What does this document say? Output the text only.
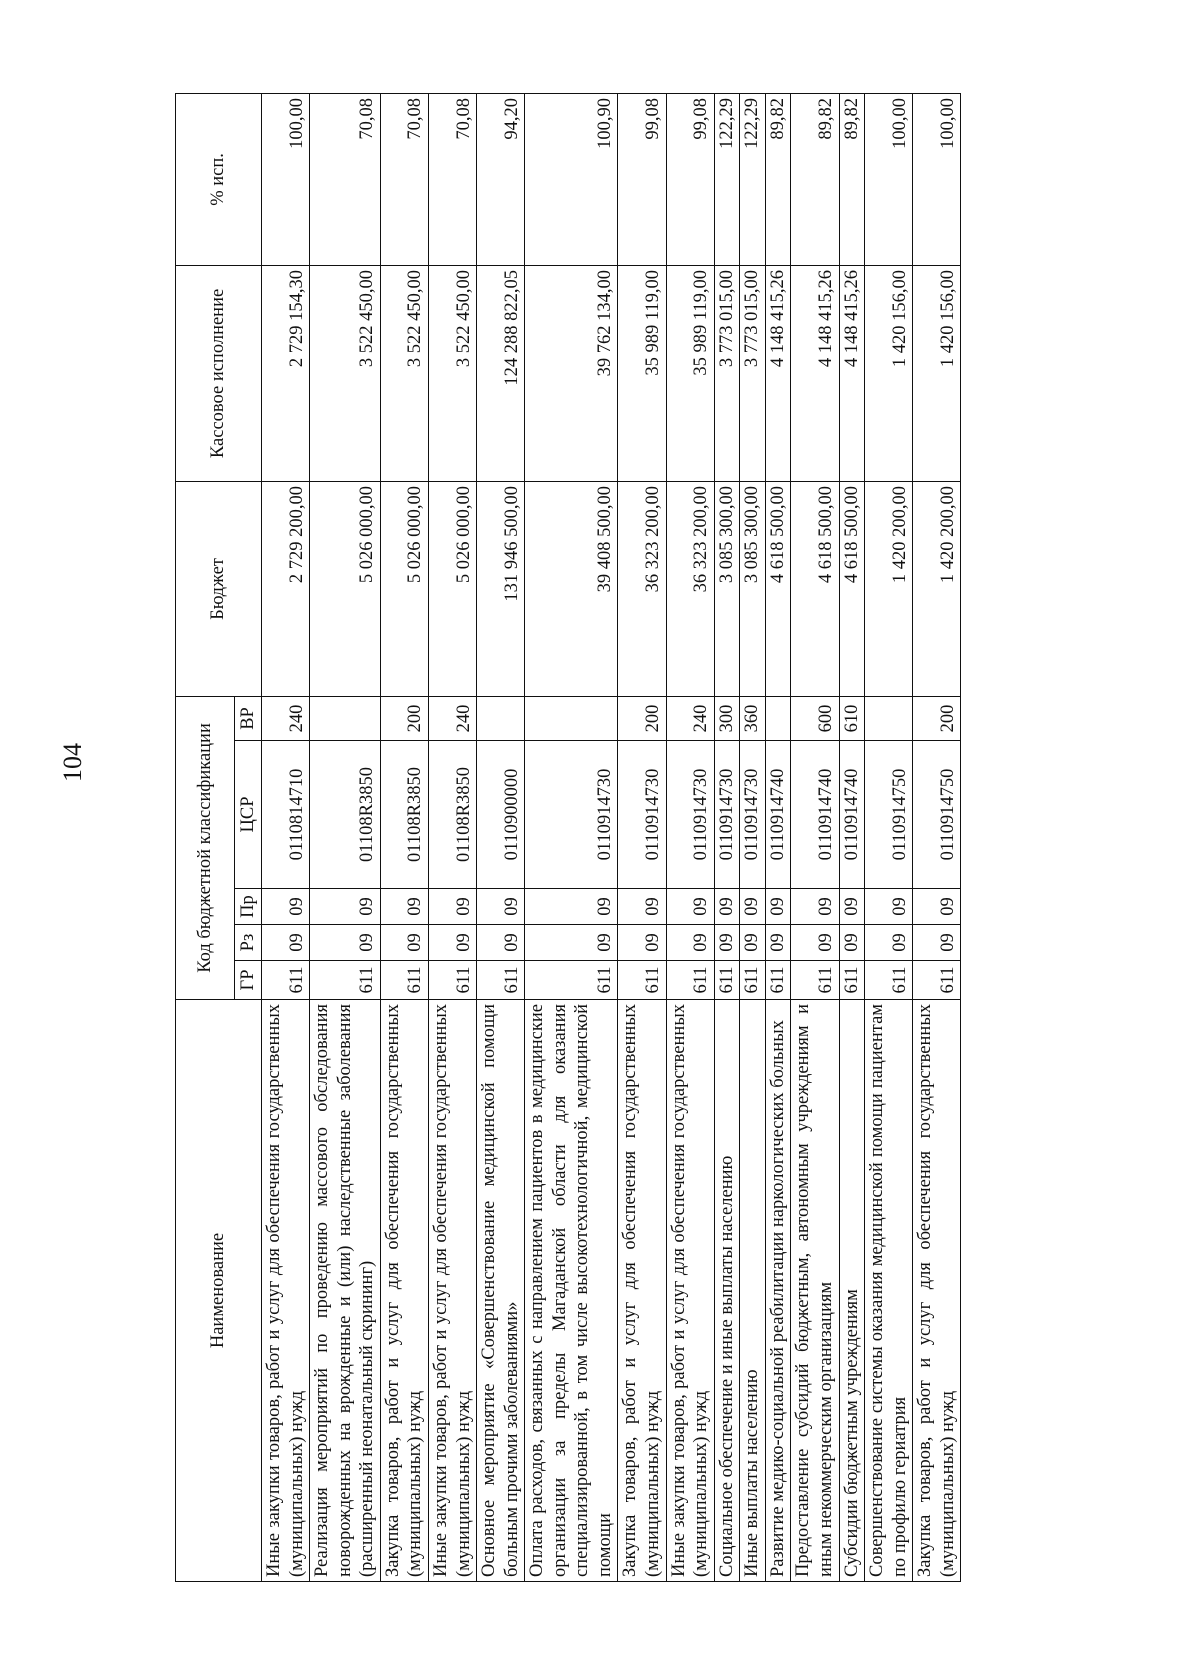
104
Наименование	Код бюджетной классификации					Бюджет	Кассовое исполнение	% исп.
	ГР	Рз	Пр	ЦСР	ВР			
Иные закупки товаров, работ и услуг для обеспечения государственных (муниципальных) нужд	611	09	09	0110814710	240	2 729 200,00	2 729 154,30	100,00
Реализация мероприятий по проведению массового обследования новорожденных на врожденные и (или) наследственные заболевания (расширенный неонатальный скрининг)	611	09	09	01108R3850		5 026 000,00	3 522 450,00	70,08
Закупка товаров, работ и услуг для обеспечения государственных (муниципальных) нужд	611	09	09	01108R3850	200	5 026 000,00	3 522 450,00	70,08
Иные закупки товаров, работ и услуг для обеспечения государственных (муниципальных) нужд	611	09	09	01108R3850	240	5 026 000,00	3 522 450,00	70,08
Основное мероприятие «Совершенствование медицинской помощи больным прочими заболеваниями»	611	09	09	0110900000		131 946 500,00	124 288 822,05	94,20
Оплата расходов, связанных с направлением пациентов в медицинские организации за пределы Магаданской области для оказания специализированной, в том числе высокотехнологичной, медицинской помощи	611	09	09	0110914730		39 408 500,00	39 762 134,00	100,90
Закупка товаров, работ и услуг для обеспечения государственных (муниципальных) нужд	611	09	09	0110914730	200	36 323 200,00	35 989 119,00	99,08
Иные закупки товаров, работ и услуг для обеспечения государственных (муниципальных) нужд	611	09	09	0110914730	240	36 323 200,00	35 989 119,00	99,08
Социальное обеспечение и иные выплаты населению	611	09	09	0110914730	300	3 085 300,00	3 773 015,00	122,29
Иные выплаты населению	611	09	09	0110914730	360	3 085 300,00	3 773 015,00	122,29
Развитие медико-социальной реабилитации наркологических больных	611	09	09	0110914740		4 618 500,00	4 148 415,26	89,82
Предоставление субсидий бюджетным, автономным учреждениям и иным некоммерческим организациям	611	09	09	0110914740	600	4 618 500,00	4 148 415,26	89,82
Субсидии бюджетным учреждениям	611	09	09	0110914740	610	4 618 500,00	4 148 415,26	89,82
Совершенствование системы оказания медицинской помощи пациентам по профилю гериатрия	611	09	09	0110914750		1 420 200,00	1 420 156,00	100,00
Закупка товаров, работ и услуг для обеспечения государственных (муниципальных) нужд	611	09	09	0110914750	200	1 420 200,00	1 420 156,00	100,00
